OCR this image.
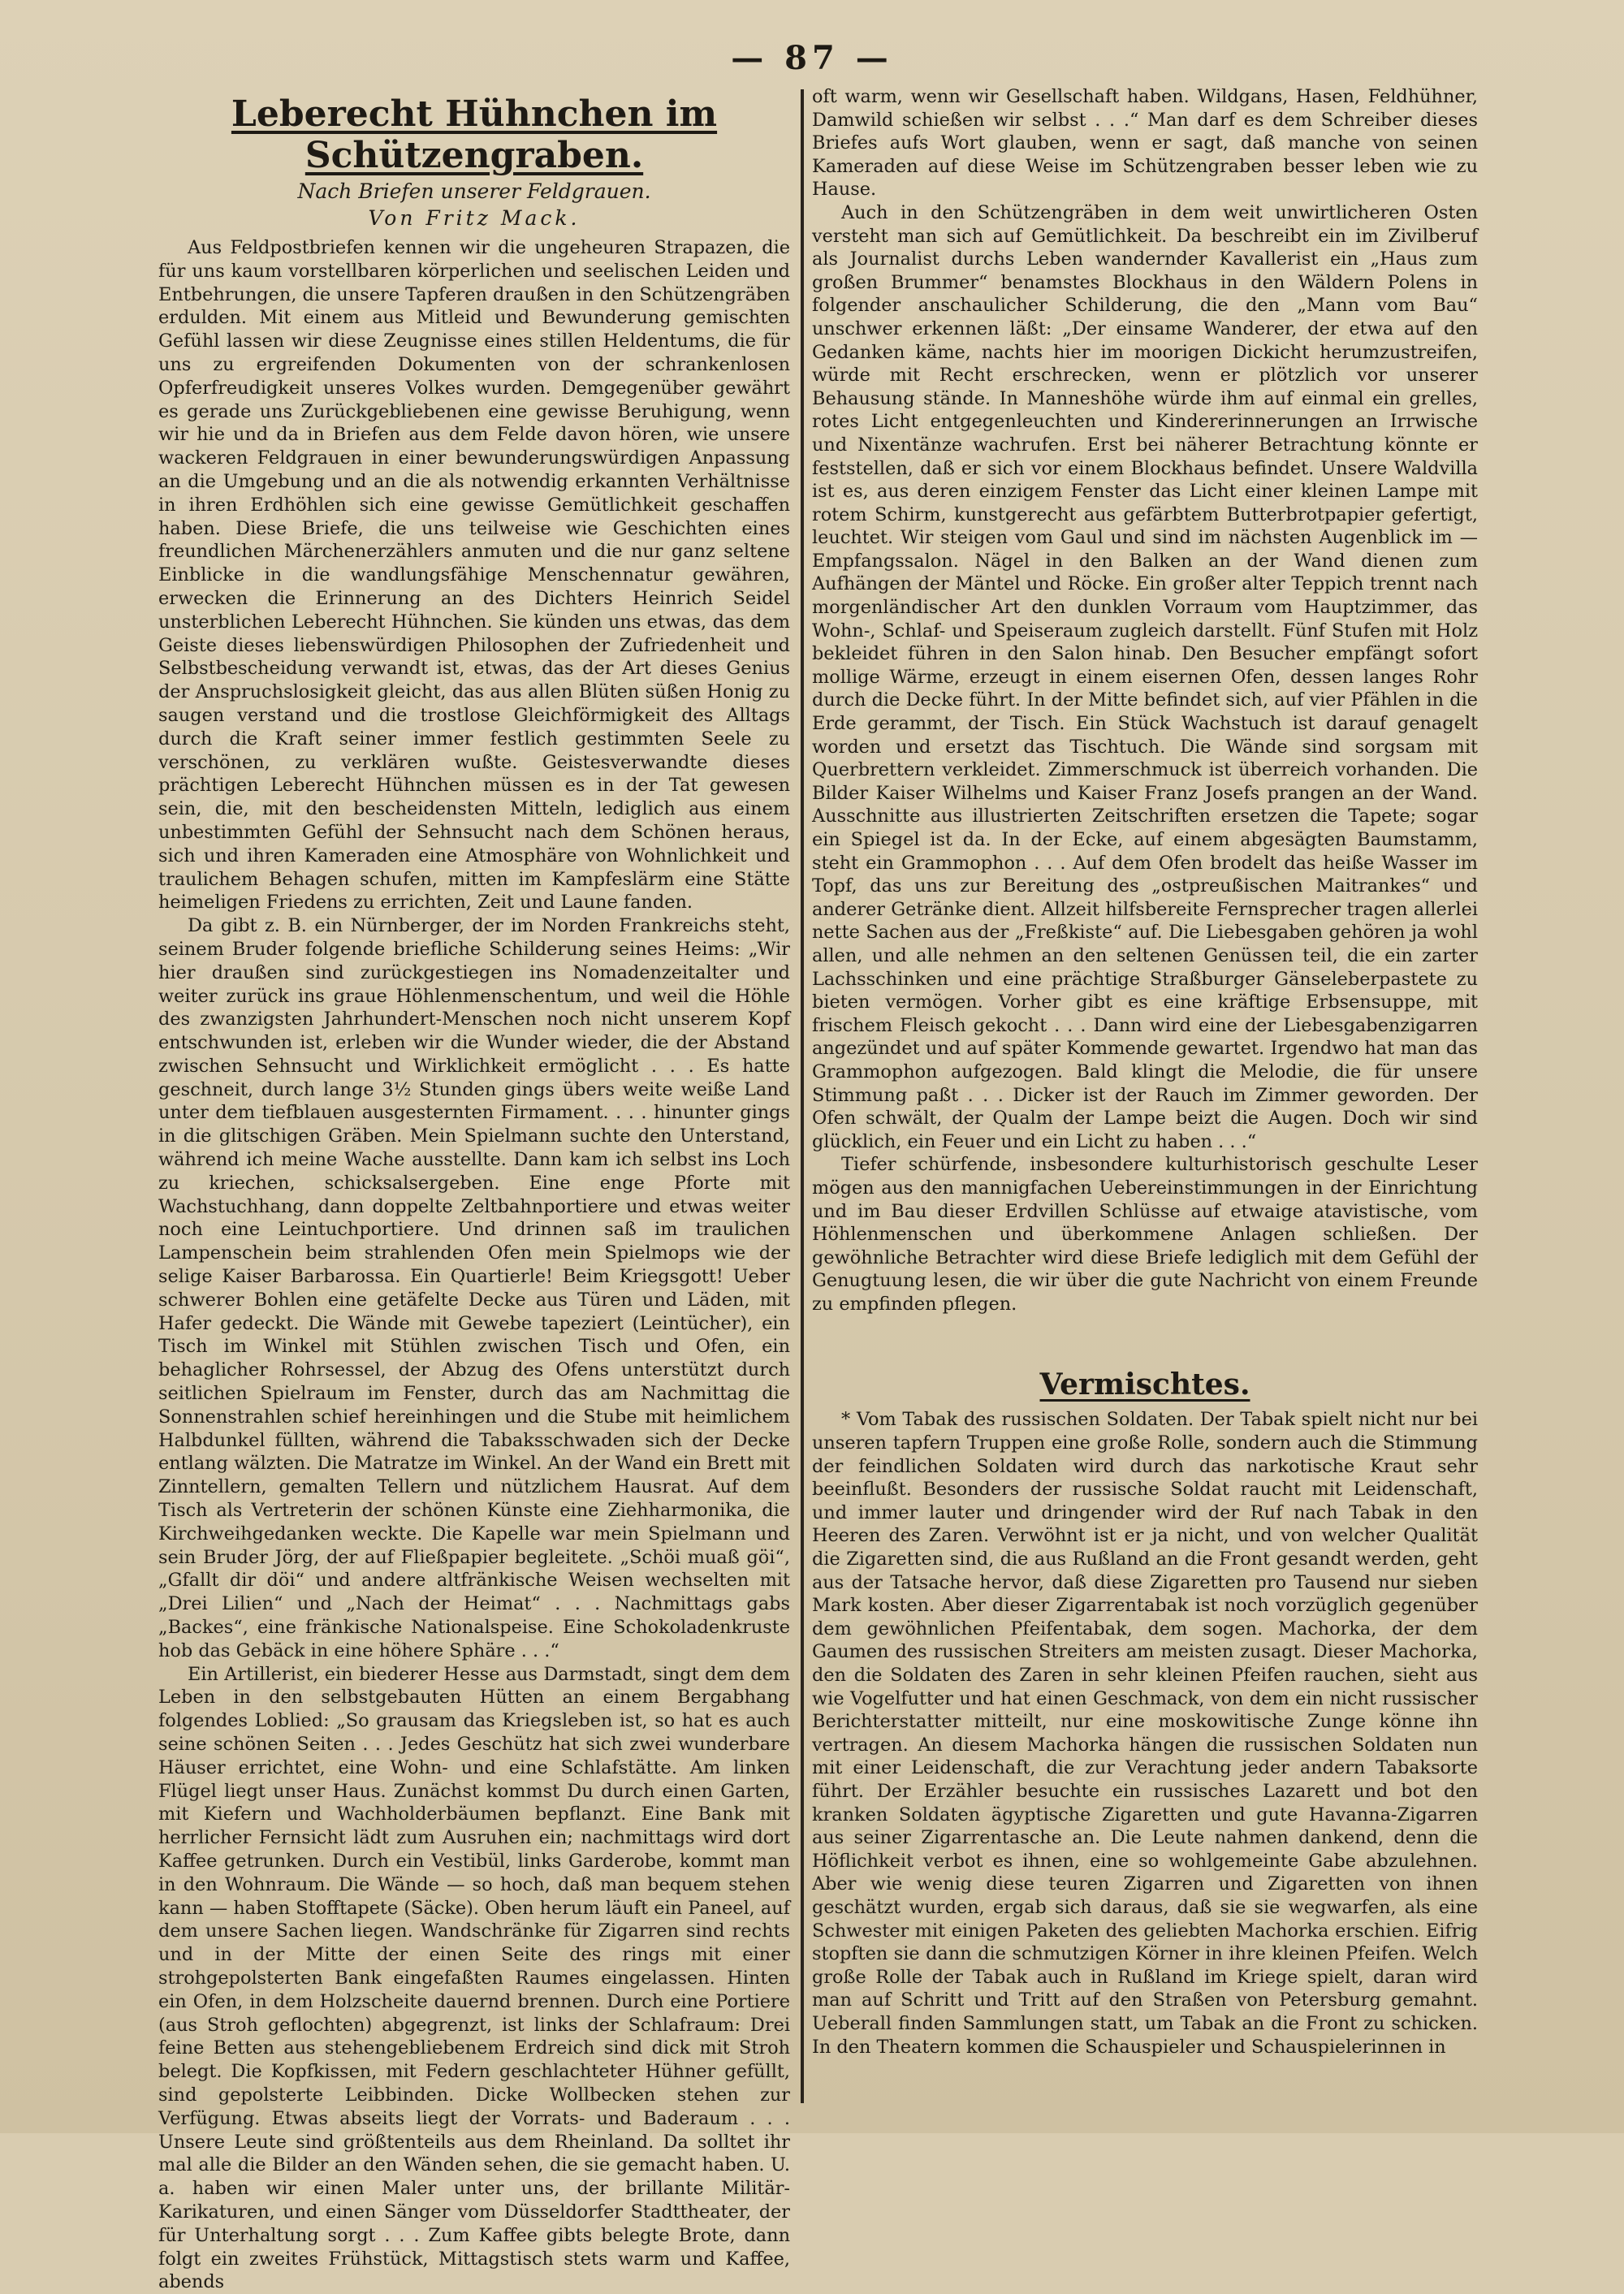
— 87 —
Leberecht Hühnchen im Schützengraben.
Nach Briefen unserer Feldgrauen.
Von Fritz Mack.

Aus Feldpostbriefen kennen wir die ungeheuren Strapazen, die für uns kaum vorstellbaren körperlichen und seelischen Leiden und Entbehrungen, die unsere Tapferen draußen in den Schützengräben erdulden. Mit einem aus Mitleid und Bewunderung gemischten Gefühl lassen wir diese Zeugnisse eines stillen Heldentums, die für uns zu ergreifenden Dokumenten von der schrankenlosen Opferfreudigkeit unseres Volkes wurden. Demgegenüber gewährt es gerade uns Zurückgebliebenen eine gewisse Beruhigung, wenn wir hie und da in Briefen aus dem Felde davon hören, wie unsere wackeren Feldgrauen in einer bewunderungswürdigen Anpassung an die Umgebung und an die als notwendig erkannten Verhältnisse in ihren Erdhöhlen sich eine gewisse Gemütlichkeit geschaffen haben. Diese Briefe, die uns teilweise wie Geschichten eines freundlichen Märchenerzählers anmuten und die nur ganz seltene Einblicke in die wandlungsfähige Menschennatur gewähren, erwecken die Erinnerung an des Dichters Heinrich Seidel unsterblichen Leberecht Hühnchen. Sie künden uns etwas, das dem Geiste dieses liebenswürdigen Philosophen der Zufriedenheit und Selbstbescheidung verwandt ist, etwas, das der Art dieses Genius der Anspruchslosigkeit gleicht, das aus allen Blüten süßen Honig zu saugen verstand und die trostlose Gleichförmigkeit des Alltags durch die Kraft seiner immer festlich gestimmten Seele zu verschönen, zu verklären wußte. Geistesverwandte dieses prächtigen Leberecht Hühnchen müssen es in der Tat gewesen sein, die, mit den bescheidensten Mitteln, lediglich aus einem unbestimmten Gefühl der Sehnsucht nach dem Schönen heraus, sich und ihren Kameraden eine Atmosphäre von Wohnlichkeit und traulichem Behagen schufen, mitten im Kampfeslärm eine Stätte heimeligen Friedens zu errichten, Zeit und Laune fanden.

Da gibt z. B. ein Nürnberger, der im Norden Frankreichs steht, seinem Bruder folgende briefliche Schilderung seines Heims: „Wir hier draußen sind zurückgestiegen ins Nomadenzeitalter und weiter zurück ins graue Höhlenmenschentum, und weil die Höhle des zwanzigsten Jahrhundert-Menschen noch nicht unserem Kopf entschwunden ist, erleben wir die Wunder wieder, die der Abstand zwischen Sehnsucht und Wirklichkeit ermöglicht . . . Es hatte geschneit, durch lange 3½ Stunden gings übers weite weiße Land unter dem tiefblauen ausgesternten Firmament. . . . hinunter gings in die glitschigen Gräben. Mein Spielmann suchte den Unterstand, während ich meine Wache ausstellte. Dann kam ich selbst ins Loch zu kriechen, schicksalsergeben. Eine enge Pforte mit Wachstuchhang, dann doppelte Zeltbahnportiere und etwas weiter noch eine Leintuchportiere. Und drinnen saß im traulichen Lampenschein beim strahlenden Ofen mein Spielmops wie der selige Kaiser Barbarossa. Ein Quartierle! Beim Kriegsgott! Ueber schwerer Bohlen eine getäfelte Decke aus Türen und Läden, mit Hafer gedeckt. Die Wände mit Gewebe tapeziert (Leintücher), ein Tisch im Winkel mit Stühlen zwischen Tisch und Ofen, ein behaglicher Rohrsessel, der Abzug des Ofens unterstützt durch seitlichen Spielraum im Fenster, durch das am Nachmittag die Sonnenstrahlen schief hereinhingen und die Stube mit heimlichem Halbdunkel füllten, während die Tabaksschwaden sich der Decke entlang wälzten. Die Matratze im Winkel. An der Wand ein Brett mit Zinntellern, gemalten Tellern und nützlichem Hausrat. Auf dem Tisch als Vertreterin der schönen Künste eine Ziehharmonika, die Kirchweihgedanken weckte. Die Kapelle war mein Spielmann und sein Bruder Jörg, der auf Fließpapier begleitete. „Schöi muaß göi“, „Gfallt dir döi“ und andere altfränkische Weisen wechselten mit „Drei Lilien“ und „Nach der Heimat“ . . . Nachmittags gabs „Backes“, eine fränkische Nationalspeise. Eine Schokoladenkruste hob das Gebäck in eine höhere Sphäre . . .“

Ein Artillerist, ein biederer Hesse aus Darmstadt, singt dem dem Leben in den selbstgebauten Hütten an einem Bergabhang folgendes Loblied: „So grausam das Kriegsleben ist, so hat es auch seine schönen Seiten . . . Jedes Geschütz hat sich zwei wunderbare Häuser errichtet, eine Wohn- und eine Schlafstätte. Am linken Flügel liegt unser Haus. Zunächst kommst Du durch einen Garten, mit Kiefern und Wachholderbäumen bepflanzt. Eine Bank mit herrlicher Fernsicht lädt zum Ausruhen ein; nachmittags wird dort Kaffee getrunken. Durch ein Vestibül, links Garderobe, kommt man in den Wohnraum. Die Wände — so hoch, daß man bequem stehen kann — haben Stofftapete (Säcke). Oben herum läuft ein Paneel, auf dem unsere Sachen liegen. Wandschränke für Zigarren sind rechts und in der Mitte der einen Seite des rings mit einer strohgepolsterten Bank eingefaßten Raumes eingelassen. Hinten ein Ofen, in dem Holzscheite dauernd brennen. Durch eine Portiere (aus Stroh geflochten) abgegrenzt, ist links der Schlafraum: Drei feine Betten aus stehengebliebenem Erdreich sind dick mit Stroh belegt. Die Kopfkissen, mit Federn geschlachteter Hühner gefüllt, sind gepolsterte Leibbinden. Dicke Wollbecken stehen zur Verfügung. Etwas abseits liegt der Vorrats- und Baderaum . . . Unsere Leute sind größtenteils aus dem Rheinland. Da solltet ihr mal alle die Bilder an den Wänden sehen, die sie gemacht haben. U. a. haben wir einen Maler unter uns, der brillante Militär-Karikaturen, und einen Sänger vom Düsseldorfer Stadttheater, der für Unterhaltung sorgt . . . Zum Kaffee gibts belegte Brote, dann folgt ein zweites Frühstück, Mittagstisch stets warm und Kaffee, abends

oft warm, wenn wir Gesellschaft haben. Wildgans, Hasen, Feldhühner, Damwild schießen wir selbst . . .“ Man darf es dem Schreiber dieses Briefes aufs Wort glauben, wenn er sagt, daß manche von seinen Kameraden auf diese Weise im Schützengraben besser leben wie zu Hause.

Auch in den Schützengräben in dem weit unwirtlicheren Osten versteht man sich auf Gemütlichkeit. Da beschreibt ein im Zivilberuf als Journalist durchs Leben wandernder Kavallerist ein „Haus zum großen Brummer“ benamstes Blockhaus in den Wäldern Polens in folgender anschaulicher Schilderung, die den „Mann vom Bau“ unschwer erkennen läßt: „Der einsame Wanderer, der etwa auf den Gedanken käme, nachts hier im moorigen Dickicht herumzustreifen, würde mit Recht erschrecken, wenn er plötzlich vor unserer Behausung stände. In Manneshöhe würde ihm auf einmal ein grelles, rotes Licht entgegenleuchten und Kindererinnerungen an Irrwische und Nixentänze wachrufen. Erst bei näherer Betrachtung könnte er feststellen, daß er sich vor einem Blockhaus befindet. Unsere Waldvilla ist es, aus deren einzigem Fenster das Licht einer kleinen Lampe mit rotem Schirm, kunstgerecht aus gefärbtem Butterbrotpapier gefertigt, leuchtet. Wir steigen vom Gaul und sind im nächsten Augenblick im — Empfangssalon. Nägel in den Balken an der Wand dienen zum Aufhängen der Mäntel und Röcke. Ein großer alter Teppich trennt nach morgenländischer Art den dunklen Vorraum vom Hauptzimmer, das Wohn-, Schlaf- und Speiseraum zugleich darstellt. Fünf Stufen mit Holz bekleidet führen in den Salon hinab. Den Besucher empfängt sofort mollige Wärme, erzeugt in einem eisernen Ofen, dessen langes Rohr durch die Decke führt. In der Mitte befindet sich, auf vier Pfählen in die Erde gerammt, der Tisch. Ein Stück Wachstuch ist darauf genagelt worden und ersetzt das Tischtuch. Die Wände sind sorgsam mit Querbrettern verkleidet. Zimmerschmuck ist überreich vorhanden. Die Bilder Kaiser Wilhelms und Kaiser Franz Josefs prangen an der Wand. Ausschnitte aus illustrierten Zeitschriften ersetzen die Tapete; sogar ein Spiegel ist da. In der Ecke, auf einem abgesägten Baumstamm, steht ein Grammophon . . . Auf dem Ofen brodelt das heiße Wasser im Topf, das uns zur Bereitung des „ostpreußischen Maitrankes“ und anderer Getränke dient. Allzeit hilfsbereite Fernsprecher tragen allerlei nette Sachen aus der „Freßkiste“ auf. Die Liebesgaben gehören ja wohl allen, und alle nehmen an den seltenen Genüssen teil, die ein zarter Lachsschinken und eine prächtige Straßburger Gänseleberpastete zu bieten vermögen. Vorher gibt es eine kräftige Erbsensuppe, mit frischem Fleisch gekocht . . . Dann wird eine der Liebesgabenzigarren angezündet und auf später Kommende gewartet. Irgendwo hat man das Grammophon aufgezogen. Bald klingt die Melodie, die für unsere Stimmung paßt . . . Dicker ist der Rauch im Zimmer geworden. Der Ofen schwält, der Qualm der Lampe beizt die Augen. Doch wir sind glücklich, ein Feuer und ein Licht zu haben . . .“

Tiefer schürfende, insbesondere kulturhistorisch geschulte Leser mögen aus den mannigfachen Uebereinstimmungen in der Einrichtung und im Bau dieser Erdvillen Schlüsse auf etwaige atavistische, vom Höhlenmenschen und überkommene Anlagen schließen. Der gewöhnliche Betrachter wird diese Briefe lediglich mit dem Gefühl der Genugtuung lesen, die wir über die gute Nachricht von einem Freunde zu empfinden pflegen.

Vermischtes.

* Vom Tabak des russischen Soldaten. Der Tabak spielt nicht nur bei unseren tapfern Truppen eine große Rolle, sondern auch die Stimmung der feindlichen Soldaten wird durch das narkotische Kraut sehr beeinflußt. Besonders der russische Soldat raucht mit Leidenschaft, und immer lauter und dringender wird der Ruf nach Tabak in den Heeren des Zaren. Verwöhnt ist er ja nicht, und von welcher Qualität die Zigaretten sind, die aus Rußland an die Front gesandt werden, geht aus der Tatsache hervor, daß diese Zigaretten pro Tausend nur sieben Mark kosten. Aber dieser Zigarrentabak ist noch vorzüglich gegenüber dem gewöhnlichen Pfeifentabak, dem sogen. Machorka, der dem Gaumen des russischen Streiters am meisten zusagt. Dieser Machorka, den die Soldaten des Zaren in sehr kleinen Pfeifen rauchen, sieht aus wie Vogelfutter und hat einen Geschmack, von dem ein nicht russischer Berichterstatter mitteilt, nur eine moskowitische Zunge könne ihn vertragen. An diesem Machorka hängen die russischen Soldaten nun mit einer Leidenschaft, die zur Verachtung jeder andern Tabaksorte führt. Der Erzähler besuchte ein russisches Lazarett und bot den kranken Soldaten ägyptische Zigaretten und gute Havanna-Zigarren aus seiner Zigarrentasche an. Die Leute nahmen dankend, denn die Höflichkeit verbot es ihnen, eine so wohlgemeinte Gabe abzulehnen. Aber wie wenig diese teuren Zigarren und Zigaretten von ihnen geschätzt wurden, ergab sich daraus, daß sie sie wegwarfen, als eine Schwester mit einigen Paketen des geliebten Machorka erschien. Eifrig stopften sie dann die schmutzigen Körner in ihre kleinen Pfeifen. Welch große Rolle der Tabak auch in Rußland im Kriege spielt, daran wird man auf Schritt und Tritt auf den Straßen von Petersburg gemahnt. Ueberall finden Sammlungen statt, um Tabak an die Front zu schicken. In den Theatern kommen die Schauspieler und Schauspielerinnen in
